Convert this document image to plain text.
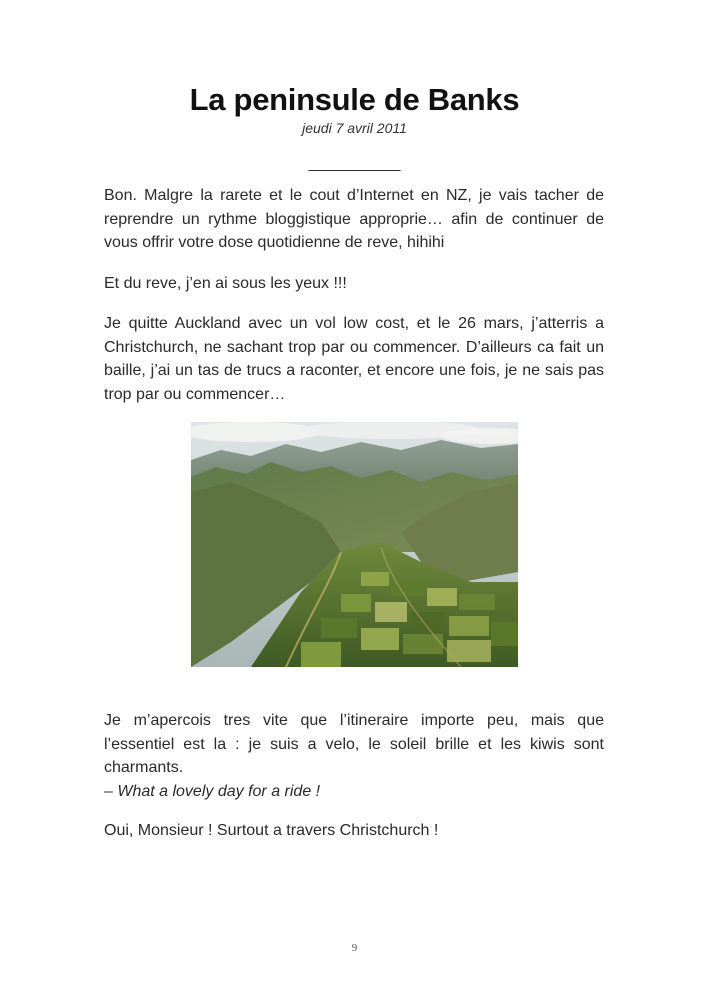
La peninsule de Banks
jeudi 7 avril 2011
___________

Bon. Malgre la rarete et le cout d’Internet en NZ, je vais tacher de reprendre un rythme bloggistique approprie… afin de continuer de vous offrir votre dose quotidienne de reve, hihihi

Et du reve, j’en ai sous les yeux !!!

Je quitte Auckland avec un vol low cost, et le 26 mars, j’atterris a Christchurch, ne sachant trop par ou commencer. D’ailleurs ca fait un baille, j’ai un tas de trucs a raconter, et encore une fois, je ne sais pas trop par ou commencer…

Je m’apercois tres vite que l’itineraire importe peu, mais que l’essentiel est la : je suis a velo, le soleil brille et les kiwis sont charmants.

– What a lovely day for a ride !

Oui, Monsieur ! Surtout a travers Christchurch !

9
